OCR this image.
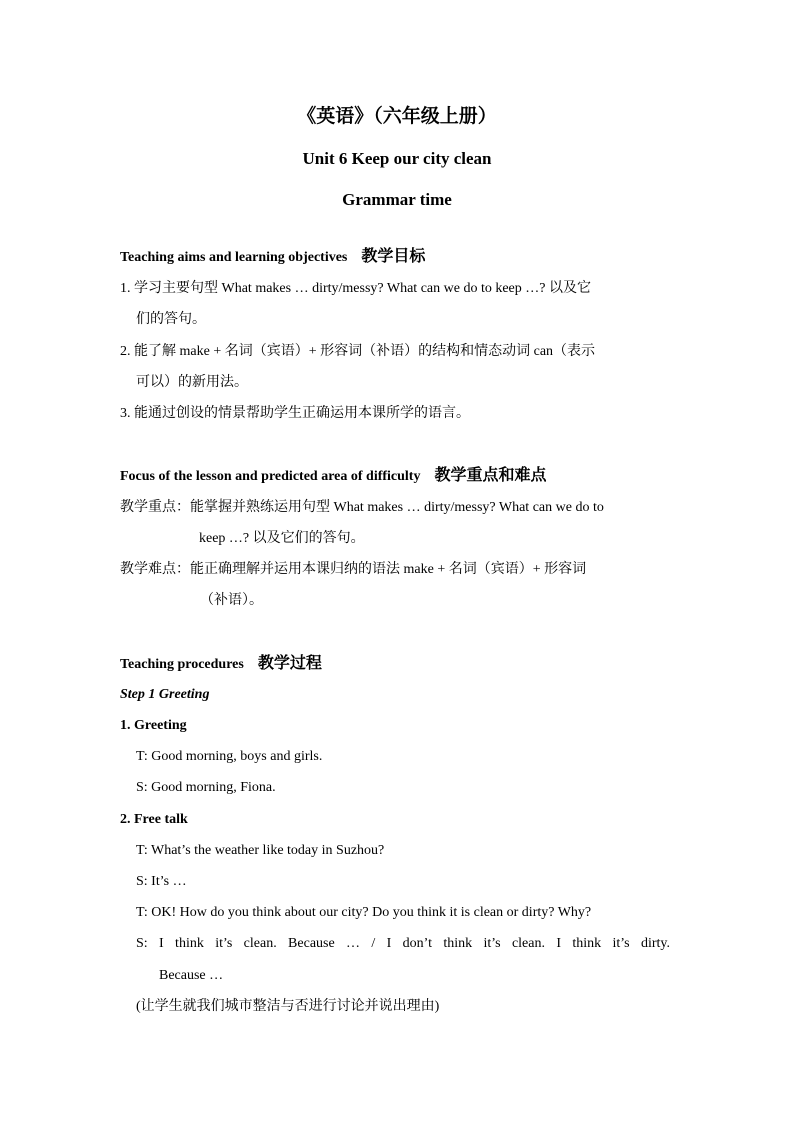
《英语》（六年级上册）
Unit 6 Keep our city clean
Grammar time
Teaching aims and learning objectives 教学目标
1. 学习主要句型 What makes … dirty/messy? What can we do to keep …? 以及它
们的答句。
2. 能了解 make + 名词（宾语）+ 形容词（补语）的结构和情态动词 can（表示
可以）的新用法。
3. 能通过创设的情景帮助学生正确运用本课所学的语言。
Focus of the lesson and predicted area of difficulty 教学重点和难点
教学重点：能掌握并熟练运用句型 What makes … dirty/messy? What can we do to
keep …? 以及它们的答句。
教学难点：能正确理解并运用本课归纳的语法 make + 名词（宾语）+ 形容词
（补语）。
Teaching procedures 教学过程
Step 1 Greeting
1. Greeting
T: Good morning, boys and girls.
S: Good morning, Fiona.
2. Free talk
T: What’s the weather like today in Suzhou?
S: It’s …
T: OK! How do you think about our city? Do you think it is clean or dirty? Why?
S: I think it’s clean. Because … / I don’t think it’s clean. I think it’s dirty.
Because …
(让学生就我们城市整洁与否进行讨论并说出理由)
